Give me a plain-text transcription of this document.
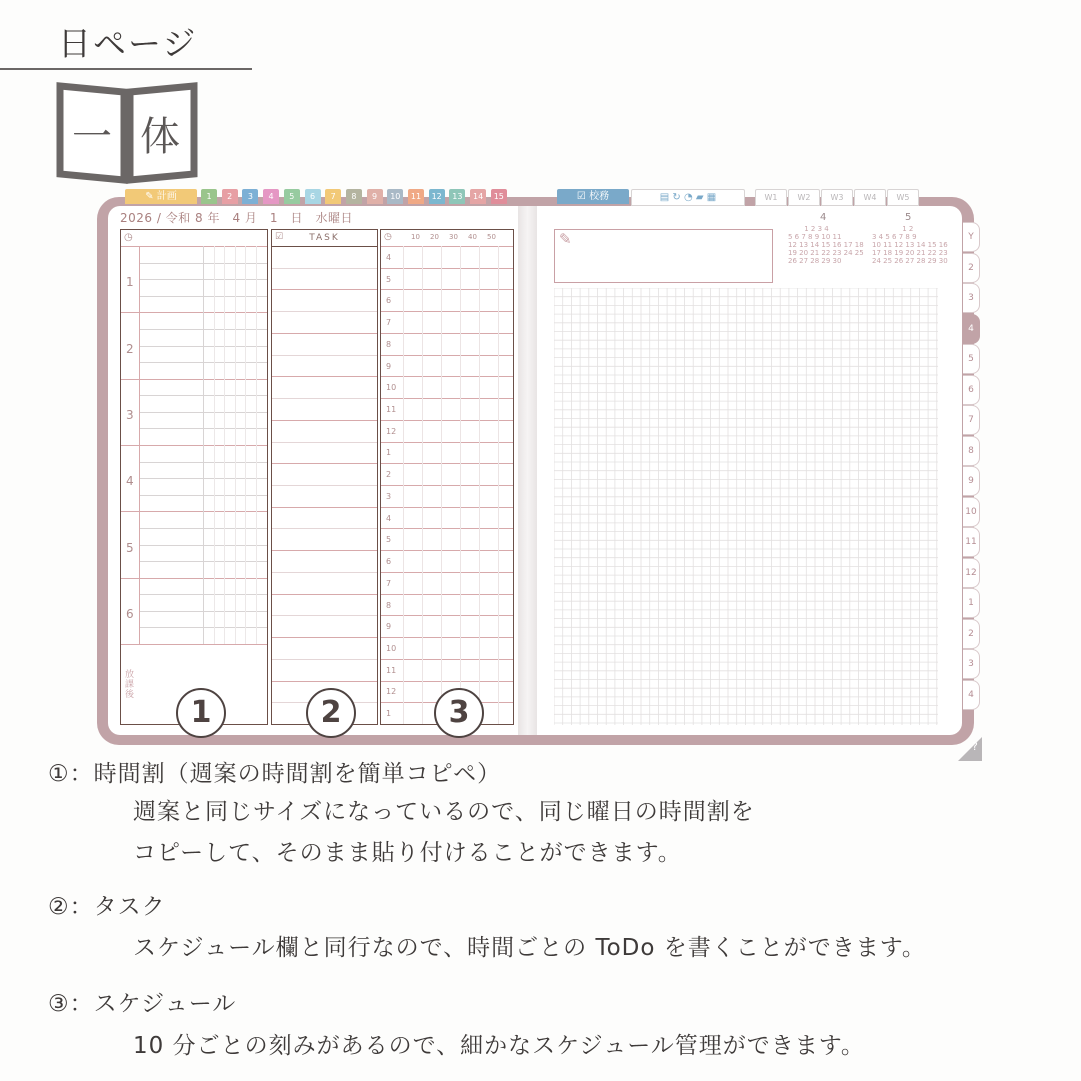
日ページ
一 体
✎ 計画	1	2	3	4	5	6	7	8	9	10	11	12	13	14	15	☑ 校務	▤ ↻ ◔ ▰ ▦	W1	W2	W3	W4	W5
2026 / 令和 8 年　4 月　1　日　水曜日
◷
1
2
3
4
5
6
放課後
☑	TASK	◷	10 20 30 40 50
4
5
6
7
8
9
10
11
12
1
2
3
4
5
6
7
8
9
10
11
12
1
✎
4	5
　　 1 2 3 4
5 6 7 8 9 10 11
12 13 14 15 16 17 18
19 20 21 22 23 24 25
26 27 28 29 30
　　　　 1 2
3 4 5 6 7 8 9
10 11 12 13 14 15 16
17 18 19 20 21 22 23
24 25 26 27 28 29 30
Y
2
3
4
5
6
7
8
9
10
11
12
1
2
3
4
?
1	2	3
①：時間割（週案の時間割を簡単コピペ）
週案と同じサイズになっているので、同じ曜日の時間割を
コピーして、そのまま貼り付けることができます。
②：タスク
スケジュール欄と同行なので、時間ごとの ToDo を書くことができます。
③：スケジュール
10 分ごとの刻みがあるので、細かなスケジュール管理ができます。
